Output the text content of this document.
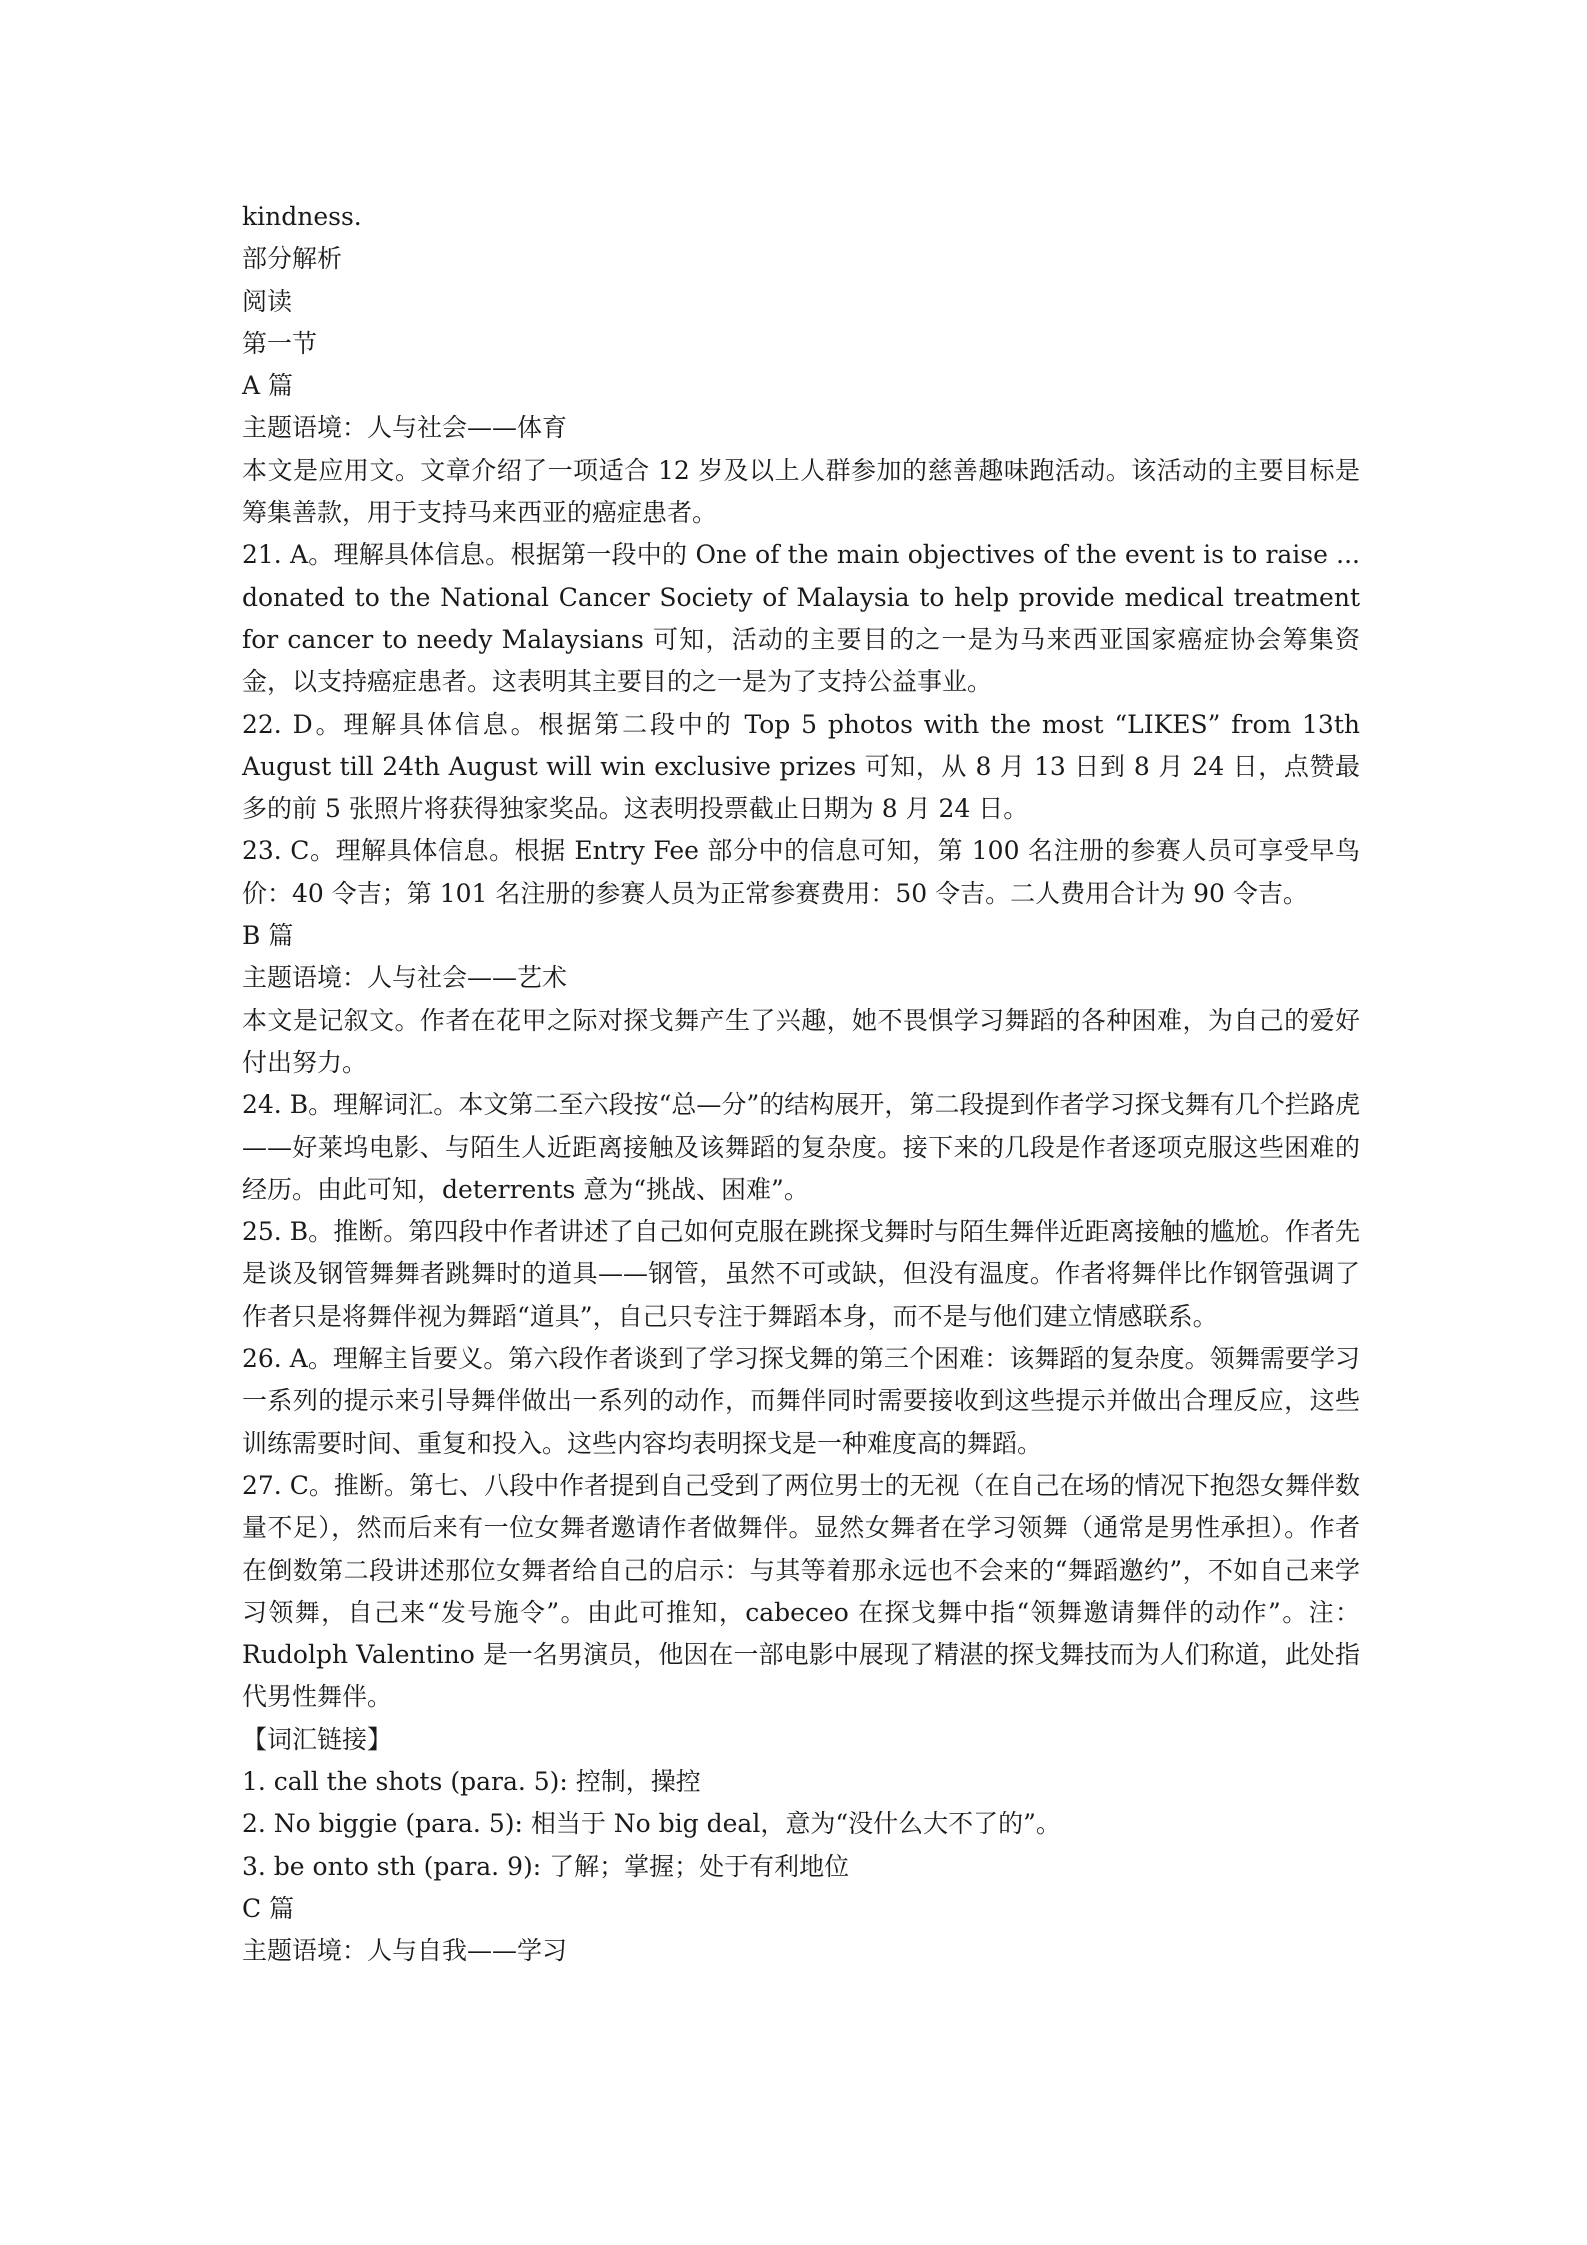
kindness.

部分解析

阅读

第一节

A 篇

主题语境：人与社会——体育

本文是应用文。文章介绍了一项适合 12 岁及以上人群参加的慈善趣味跑活动。该活动的主要目标是筹集善款，用于支持马来西亚的癌症患者。

21. A。理解具体信息。根据第一段中的 One of the main objectives of the event is to raise ... donated to the National Cancer Society of Malaysia to help provide medical treatment for cancer to needy Malaysians 可知，活动的主要目的之一是为马来西亚国家癌症协会筹集资金，以支持癌症患者。这表明其主要目的之一是为了支持公益事业。

22. D。理解具体信息。根据第二段中的 Top 5 photos with the most “LIKES” from 13th August till 24th August will win exclusive prizes 可知，从 8 月 13 日到 8 月 24 日，点赞最多的前 5 张照片将获得独家奖品。这表明投票截止日期为 8 月 24 日。

23. C。理解具体信息。根据 Entry Fee 部分中的信息可知，第 100 名注册的参赛人员可享受早鸟价：40 令吉；第 101 名注册的参赛人员为正常参赛费用：50 令吉。二人费用合计为 90 令吉。

B 篇

主题语境：人与社会——艺术

本文是记叙文。作者在花甲之际对探戈舞产生了兴趣，她不畏惧学习舞蹈的各种困难，为自己的爱好付出努力。

24. B。理解词汇。本文第二至六段按“总—分”的结构展开，第二段提到作者学习探戈舞有几个拦路虎——好莱坞电影、与陌生人近距离接触及该舞蹈的复杂度。接下来的几段是作者逐项克服这些困难的经历。由此可知，deterrents 意为“挑战、困难”。

25. B。推断。第四段中作者讲述了自己如何克服在跳探戈舞时与陌生舞伴近距离接触的尴尬。作者先是谈及钢管舞舞者跳舞时的道具——钢管，虽然不可或缺，但没有温度。作者将舞伴比作钢管强调了作者只是将舞伴视为舞蹈“道具”，自己只专注于舞蹈本身，而不是与他们建立情感联系。

26. A。理解主旨要义。第六段作者谈到了学习探戈舞的第三个困难：该舞蹈的复杂度。领舞需要学习一系列的提示来引导舞伴做出一系列的动作，而舞伴同时需要接收到这些提示并做出合理反应，这些训练需要时间、重复和投入。这些内容均表明探戈是一种难度高的舞蹈。

27. C。推断。第七、八段中作者提到自己受到了两位男士的无视（在自己在场的情况下抱怨女舞伴数量不足），然而后来有一位女舞者邀请作者做舞伴。显然女舞者在学习领舞（通常是男性承担）。作者在倒数第二段讲述那位女舞者给自己的启示：与其等着那永远也不会来的“舞蹈邀约”，不如自己来学习领舞，自己来“发号施令”。由此可推知，cabeceo 在探戈舞中指“领舞邀请舞伴的动作”。注：Rudolph Valentino 是一名男演员，他因在一部电影中展现了精湛的探戈舞技而为人们称道，此处指代男性舞伴。

【词汇链接】

1. call the shots (para. 5): 控制，操控

2. No biggie (para. 5): 相当于 No big deal，意为“没什么大不了的”。

3. be onto sth (para. 9): 了解；掌握；处于有利地位

C 篇

主题语境：人与自我——学习
